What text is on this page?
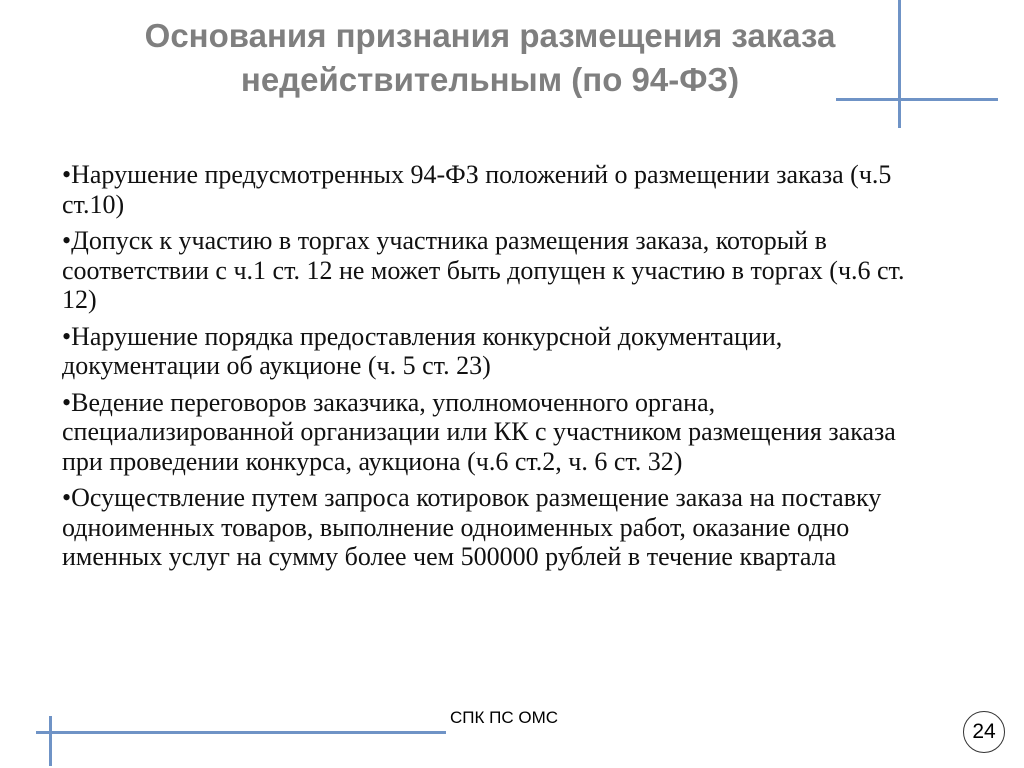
Основания признания размещения заказа
недействительным (по 94-ФЗ)
•Нарушение предусмотренных 94-ФЗ положений о размещении заказа (ч.5 ст.10)
•Допуск к участию в торгах участника размещения заказа, который в соответствии с ч.1 ст. 12 не может быть допущен к участию в торгах (ч.6 ст. 12)
•Нарушение порядка предоставления конкурсной документации, документации об аукционе (ч. 5 ст. 23)
•Ведение переговоров заказчика, уполномоченного органа, специализированной организации или КК с участником размещения заказа при проведении конкурса, аукциона (ч.6 ст.2, ч. 6 ст. 32)
•Осуществление путем запроса котировок размещение заказа на поставку одноименных товаров, выполнение одноименных работ, оказание одно именных услуг на сумму более чем 500000 рублей в течение квартала
СПК ПС ОМС
24
